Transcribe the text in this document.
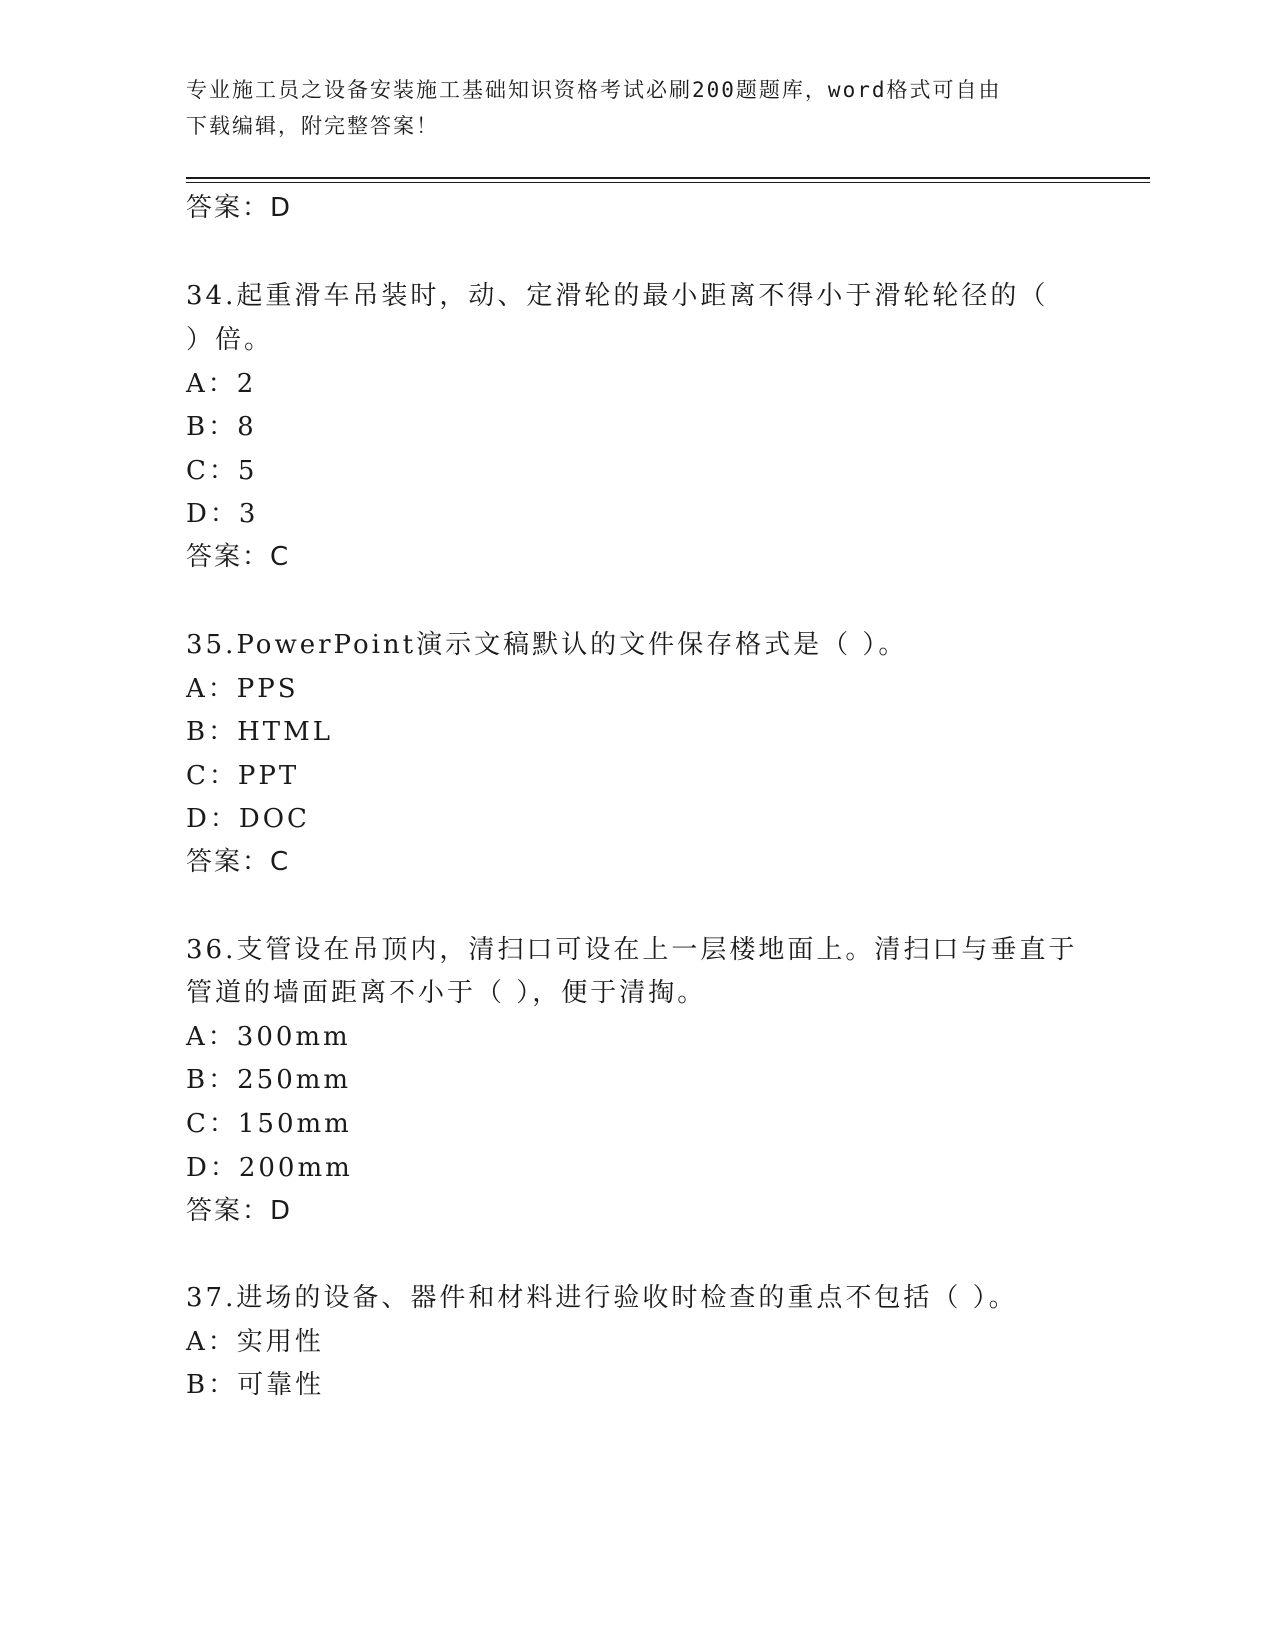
专业施工员之设备安装施工基础知识资格考试必刷200题题库，word格式可自由
下载编辑，附完整答案！
答案：D
34.起重滑车吊装时，动、定滑轮的最小距离不得小于滑轮轮径的（
）倍。
A：2
B：8
C：5
D：3
答案：C
35.PowerPoint演示文稿默认的文件保存格式是（ ）。
A：PPS
B：HTML
C：PPT
D：DOC
答案：C
36.支管设在吊顶内，清扫口可设在上一层楼地面上。清扫口与垂直于
管道的墙面距离不小于（ ），便于清掏。
A：300mm
B：250mm
C：150mm
D：200mm
答案：D
37.进场的设备、器件和材料进行验收时检查的重点不包括（ ）。
A：实用性
B：可靠性
